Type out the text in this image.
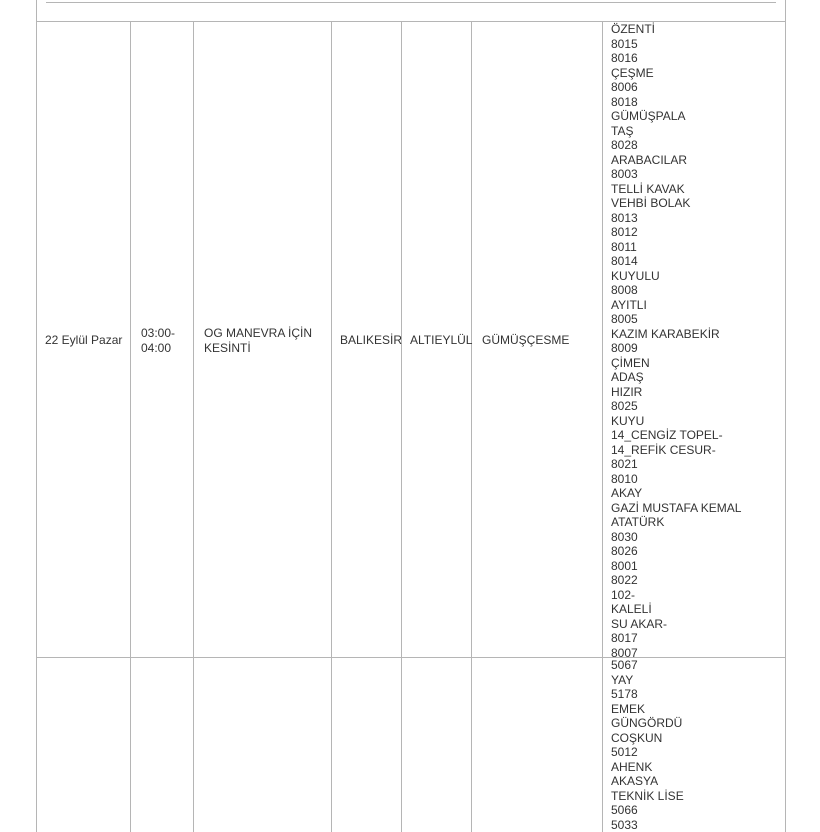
22 Eylül Pazar 03:00-
04:00
OG MANEVRA İÇİN
KESİNTİ
BALIKESİR ALTIEYLÜL GÜMÜŞÇESME
ÖZENTİ
8015
8016
ÇEŞME
8006
8018
GÜMÜŞPALA
TAŞ
8028
ARABACILAR
8003
TELLİ KAVAK
VEHBİ BOLAK
8013
8012
8011
8014
KUYULU
8008
AYITLI
8005
KAZIM KARABEKİR
8009
ÇİMEN
ADAŞ
HIZIR
8025
KUYU
14_CENGİZ TOPEL-
14_REFİK CESUR-
8021
8010
AKAY
GAZİ MUSTAFA KEMAL
ATATÜRK
8030
8026
8001
8022
102-
KALELİ
SU AKAR-
8017
8007
5067
YAY
5178
EMEK
GÜNGÖRDÜ
COŞKUN
5012
AHENK
AKASYA
TEKNİK LİSE
5066
5033
